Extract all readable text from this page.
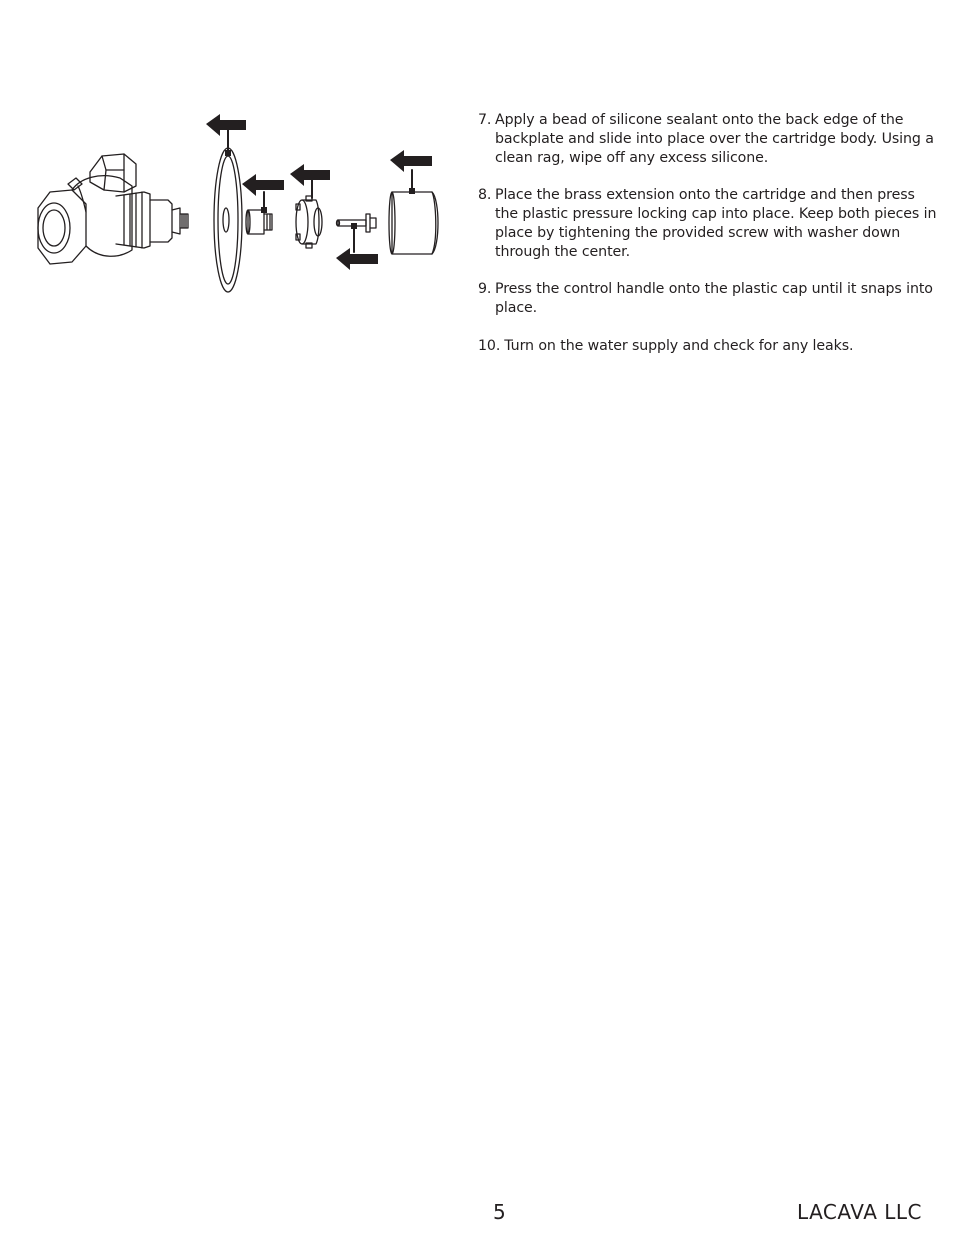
7. Apply a bead of silicone sealant onto the back edge of the backplate and slide into place over the cartridge body. Using a clean rag, wipe off any excess silicone.
8. Place the brass extension onto the cartridge and then press the plastic pressure locking cap into place. Keep both pieces in place by tightening the provided screw with washer down through the center.
9. Press the control handle onto the plastic cap until it snaps into place.
10. Turn on the water supply and check for any leaks.
5	LACAVA LLC
